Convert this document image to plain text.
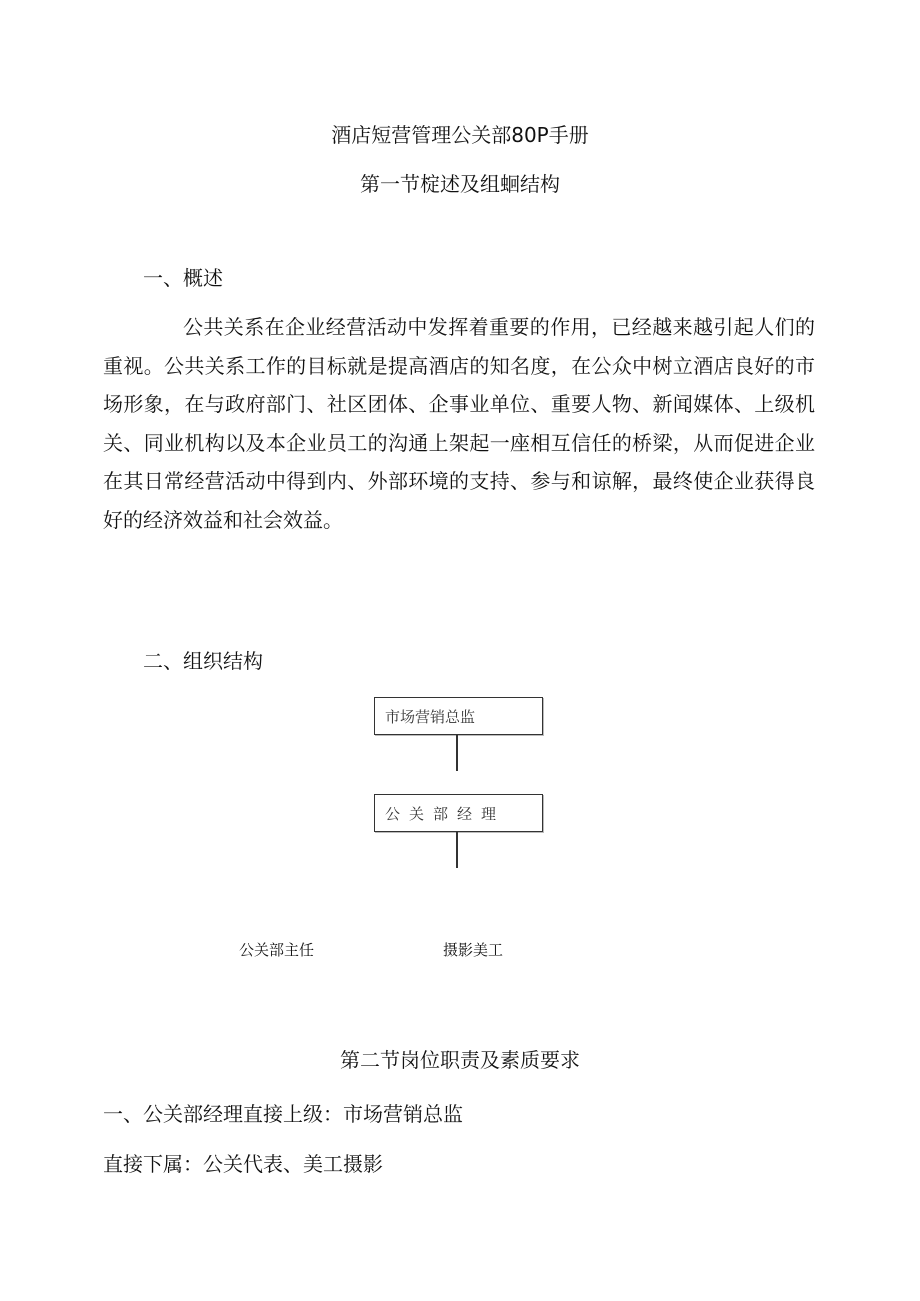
酒店短营管理公关部80P手册
第一节椗述及组蛔结构
一、概述

公共关系在企业经营活动中发挥着重要的作用，已经越来越引起人们的重视。公共关系工作的目标就是提高酒店的知名度，在公众中树立酒店良好的市场形象，在与政府部门、社区团体、企事业单位、重要人物、新闻媒体、上级机关、同业机构以及本企业员工的沟通上架起一座相互信任的桥梁，从而促进企业在其日常经营活动中得到内、外部环境的支持、参与和谅解，最终使企业获得良好的经济效益和社会效益。

二、组织结构
市场营销总监
公关部经理
公关部主任	摄影美工
第二节岗位职责及素质要求
一、公关部经理直接上级：市场营销总监
直接下属：公关代表、美工摄影
